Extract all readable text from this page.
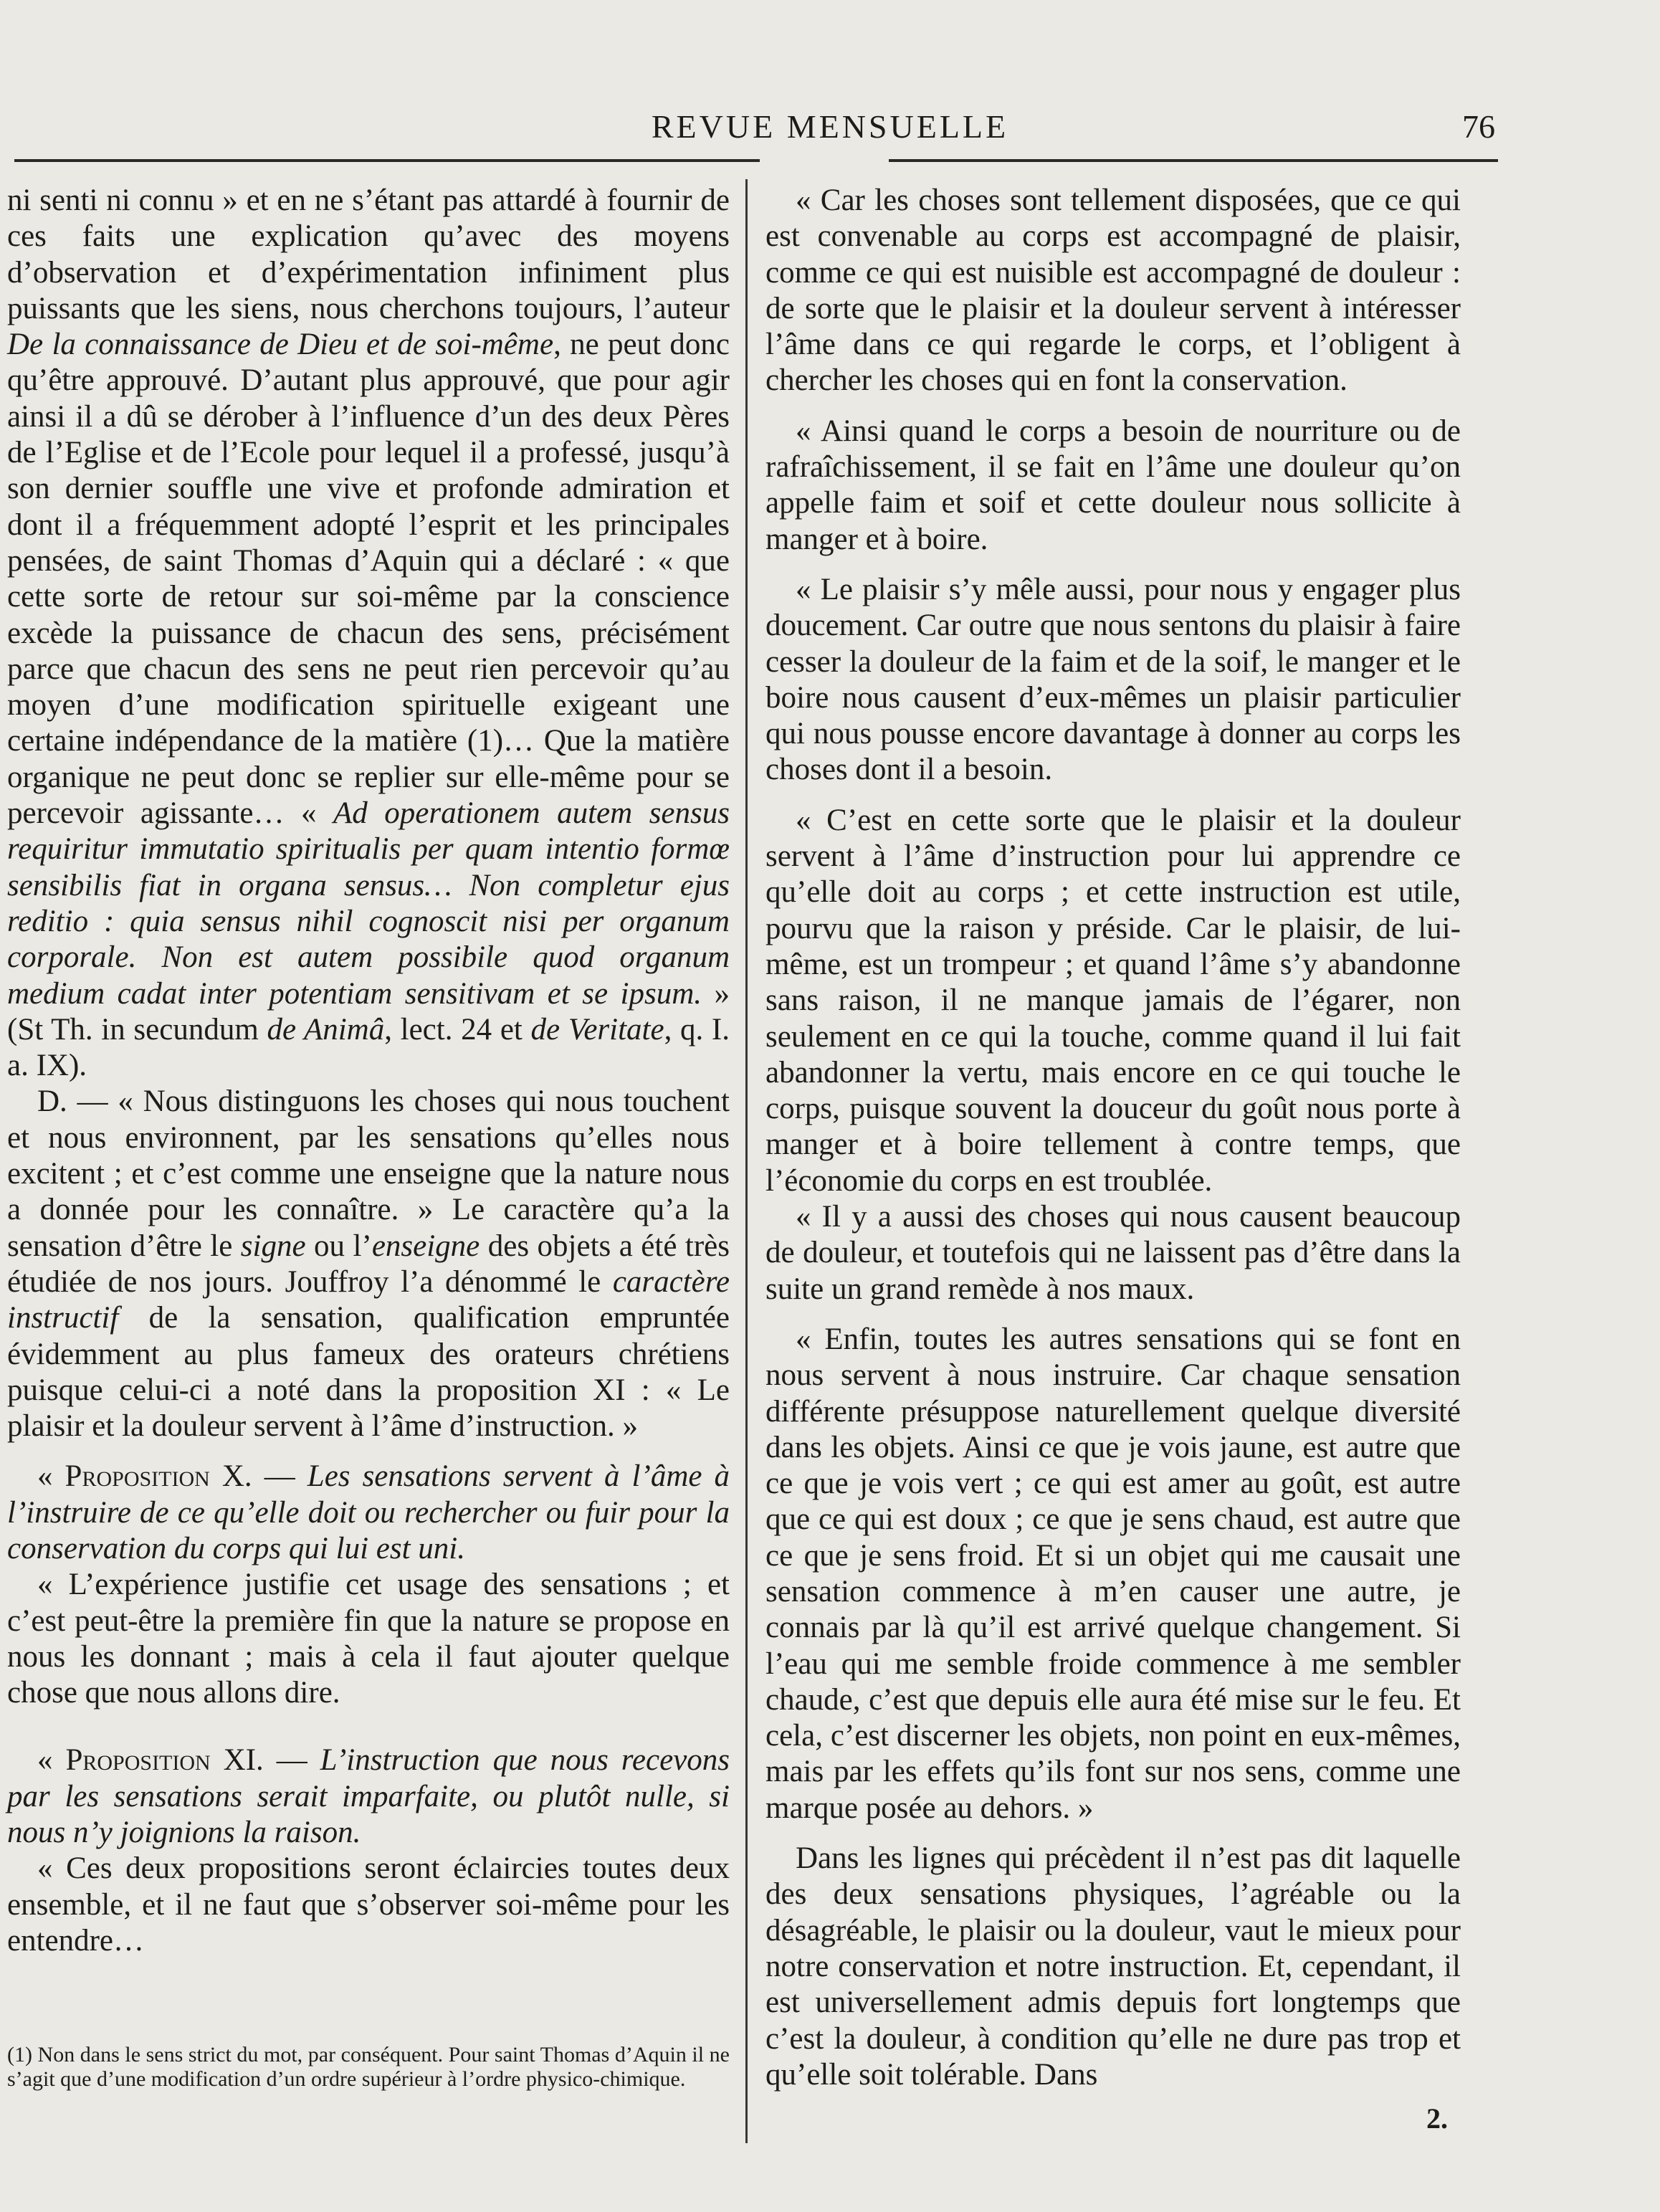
REVUE MENSUELLE	76

ni senti ni connu » et en ne s’étant pas attardé à fournir de ces faits une explication qu’avec des moyens d’observation et d’expérimentation infiniment plus puissants que les siens, nous cherchons toujours, l’auteur De la connaissance de Dieu et de soi-même, ne peut donc qu’être approuvé. D’autant plus approuvé, que pour agir ainsi il a dû se dérober à l’influence d’un des deux Pères de l’Eglise et de l’Ecole pour lequel il a professé, jusqu’à son dernier souffle une vive et profonde admiration et dont il a fréquemment adopté l’esprit et les principales pensées, de saint Thomas d’Aquin qui a déclaré : « que cette sorte de retour sur soi-même par la conscience excède la puissance de chacun des sens, précisément parce que chacun des sens ne peut rien percevoir qu’au moyen d’une modification spirituelle exigeant une certaine indépendance de la matière (1)… Que la matière organique ne peut donc se replier sur elle-même pour se percevoir agissante… « Ad operationem autem sensus requiritur immutatio spiritualis per quam intentio formœ sensibilis fiat in organa sensus… Non completur ejus reditio : quia sensus nihil cognoscit nisi per organum corporale. Non est autem possibile quod organum medium cadat inter potentiam sensitivam et se ipsum. » (St Th. in secundum de Animâ, lect. 24 et de Veritate, q. I. a. IX).

D. — « Nous distinguons les choses qui nous touchent et nous environnent, par les sensations qu’elles nous excitent ; et c’est comme une enseigne que la nature nous a donnée pour les connaître. » Le caractère qu’a la sensation d’être le signe ou l’enseigne des objets a été très étudiée de nos jours. Jouffroy l’a dénommé le caractère instructif de la sensation, qualification empruntée évidemment au plus fameux des orateurs chrétiens puisque celui-ci a noté dans la proposition XI : « Le plaisir et la douleur servent à l’âme d’instruction. »

« Proposition X. — Les sensations servent à l’âme à l’instruire de ce qu’elle doit ou rechercher ou fuir pour la conservation du corps qui lui est uni.

« L’expérience justifie cet usage des sensations ; et c’est peut-être la première fin que la nature se propose en nous les donnant ; mais à cela il faut ajouter quelque chose que nous allons dire.

« Proposition XI. — L’instruction que nous recevons par les sensations serait imparfaite, ou plutôt nulle, si nous n’y joignions la raison.

« Ces deux propositions seront éclaircies toutes deux ensemble, et il ne faut que s’observer soi-même pour les entendre…

(1) Non dans le sens strict du mot, par conséquent. Pour saint Thomas d’Aquin il ne s’agit que d’une modification d’un ordre supérieur à l’ordre physico-chimique.

« Car les choses sont tellement disposées, que ce qui est convenable au corps est accompagné de plaisir, comme ce qui est nuisible est accompagné de douleur : de sorte que le plaisir et la douleur servent à intéresser l’âme dans ce qui regarde le corps, et l’obligent à chercher les choses qui en font la conservation.

« Ainsi quand le corps a besoin de nourriture ou de rafraîchissement, il se fait en l’âme une douleur qu’on appelle faim et soif et cette douleur nous sollicite à manger et à boire.

« Le plaisir s’y mêle aussi, pour nous y engager plus doucement. Car outre que nous sentons du plaisir à faire cesser la douleur de la faim et de la soif, le manger et le boire nous causent d’eux-mêmes un plaisir particulier qui nous pousse encore davantage à donner au corps les choses dont il a besoin.

« C’est en cette sorte que le plaisir et la douleur servent à l’âme d’instruction pour lui apprendre ce qu’elle doit au corps ; et cette instruction est utile, pourvu que la raison y préside. Car le plaisir, de lui-même, est un trompeur ; et quand l’âme s’y abandonne sans raison, il ne manque jamais de l’égarer, non seulement en ce qui la touche, comme quand il lui fait abandonner la vertu, mais encore en ce qui touche le corps, puisque souvent la douceur du goût nous porte à manger et à boire tellement à contre temps, que l’économie du corps en est troublée.

« Il y a aussi des choses qui nous causent beaucoup de douleur, et toutefois qui ne laissent pas d’être dans la suite un grand remède à nos maux.

« Enfin, toutes les autres sensations qui se font en nous servent à nous instruire. Car chaque sensation différente présuppose naturellement quelque diversité dans les objets. Ainsi ce que je vois jaune, est autre que ce que je vois vert ; ce qui est amer au goût, est autre que ce qui est doux ; ce que je sens chaud, est autre que ce que je sens froid. Et si un objet qui me causait une sensation commence à m’en causer une autre, je connais par là qu’il est arrivé quelque changement. Si l’eau qui me semble froide commence à me sembler chaude, c’est que depuis elle aura été mise sur le feu. Et cela, c’est discerner les objets, non point en eux-mêmes, mais par les effets qu’ils font sur nos sens, comme une marque posée au dehors. »

Dans les lignes qui précèdent il n’est pas dit laquelle des deux sensations physiques, l’agréable ou la désagréable, le plaisir ou la douleur, vaut le mieux pour notre conservation et notre instruction. Et, cependant, il est universellement admis depuis fort longtemps que c’est la douleur, à condition qu’elle ne dure pas trop et qu’elle soit tolérable. Dans

2.
